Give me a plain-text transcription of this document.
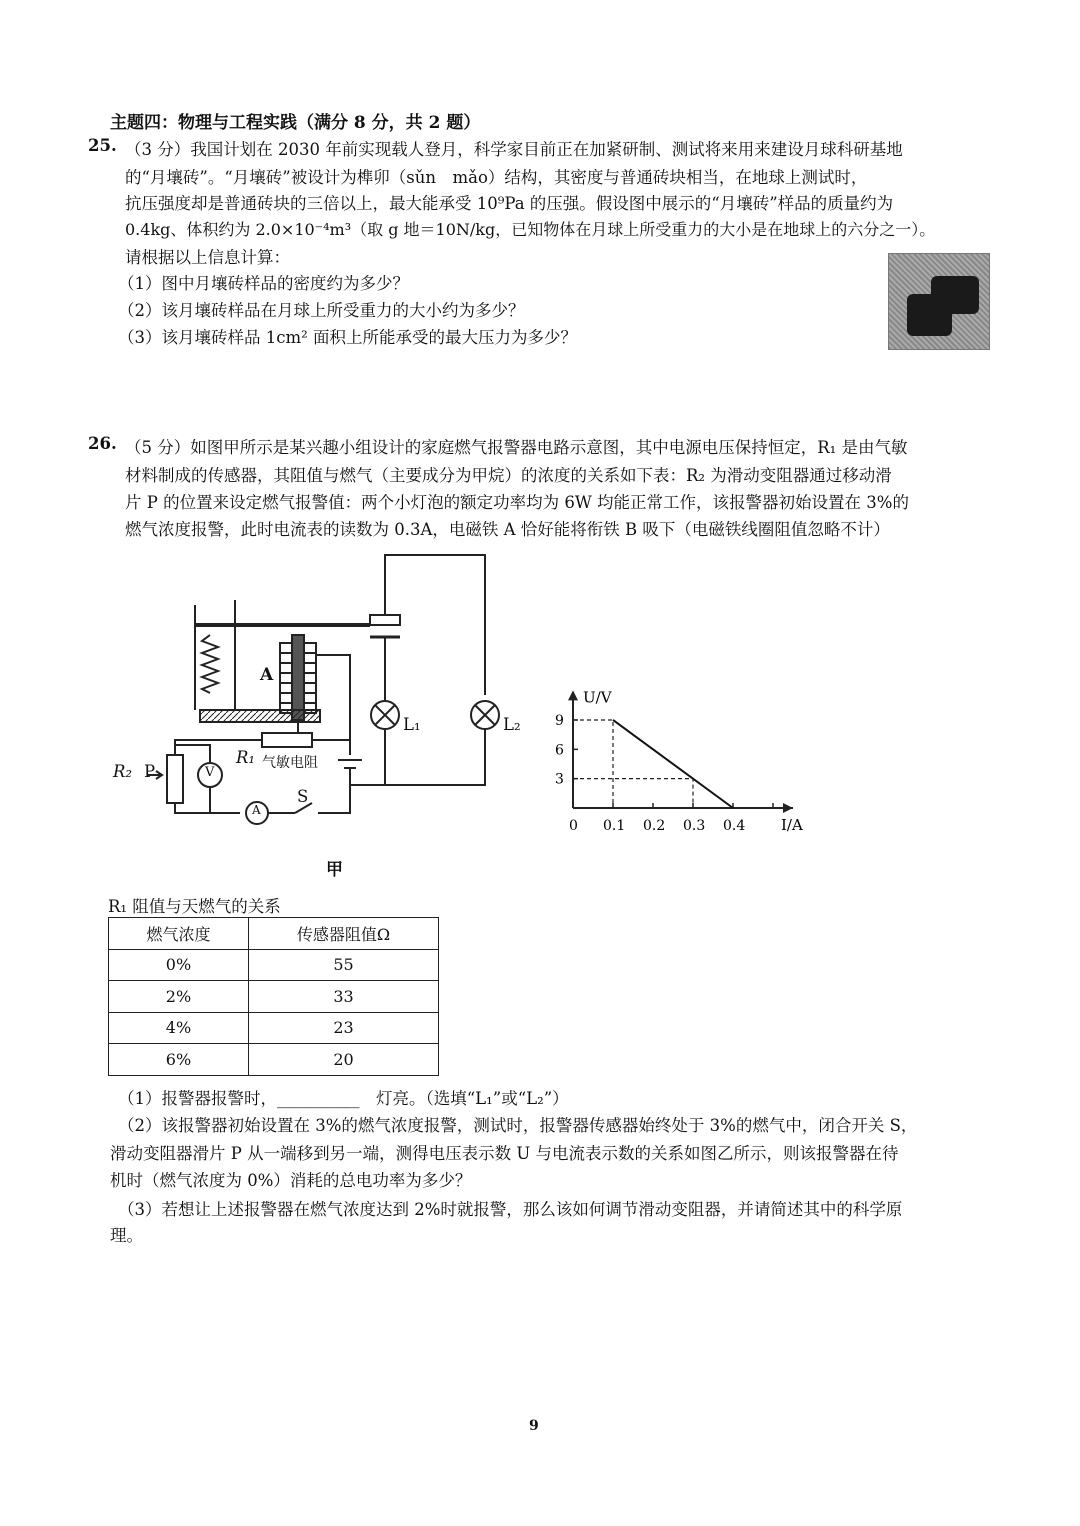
主题四：物理与工程实践（满分 8 分，共 2 题）
25. （3 分）我国计划在 2030 年前实现载人登月，科学家目前正在加紧研制、测试将来用来建设月球科研基地
的“月壤砖”。“月壤砖”被设计为榫卯（sǔn　mǎo）结构，其密度与普通砖块相当，在地球上测试时，
抗压强度却是普通砖块的三倍以上，最大能承受 10⁹Pa 的压强。假设图中展示的“月壤砖”样品的质量约为
0.4kg、体积约为 2.0×10⁻⁴m³（取 g 地＝10N/kg，已知物体在月球上所受重力的大小是在地球上的六分之一）。
请根据以上信息计算：
（1）图中月壤砖样品的密度约为多少？
（2）该月壤砖样品在月球上所受重力的大小约为多少？
（3）该月壤砖样品 1cm² 面积上所能承受的最大压力为多少？
26. （5 分）如图甲所示是某兴趣小组设计的家庭燃气报警器电路示意图，其中电源电压保持恒定，R₁ 是由气敏
材料制成的传感器，其阻值与燃气（主要成分为甲烷）的浓度的关系如下表：R₂ 为滑动变阻器通过移动滑
片 P 的位置来设定燃气报警值：两个小灯泡的额定功率均为 6W 均能正常工作，该报警器初始设置在 3%的
燃气浓度报警，此时电流表的读数为 0.3A，电磁铁 A 恰好能将衔铁 B 吸下（电磁铁线圈阻值忽略不计）
A
R₁ 气敏电阻
R₂ P	V
A
S
L₁	L₂
甲
U/V
I/A
0 0.1 0.2 0.3 0.4
3
6
9
R₁ 阻值与天燃气的关系
燃气浓度	传感器阻值Ω
0%	55
2%	33
4%	23
6%	20
（1）报警器报警时，__________　灯亮。（选填“L₁”或“L₂”）
（2）该报警器初始设置在 3%的燃气浓度报警，测试时，报警器传感器始终处于 3%的燃气中，闭合开关 S，
滑动变阻器滑片 P 从一端移到另一端，测得电压表示数 U 与电流表示数的关系如图乙所示，则该报警器在待
机时（燃气浓度为 0%）消耗的总电功率为多少？
（3）若想让上述报警器在燃气浓度达到 2%时就报警，那么该如何调节滑动变阻器，并请简述其中的科学原
理。
9
